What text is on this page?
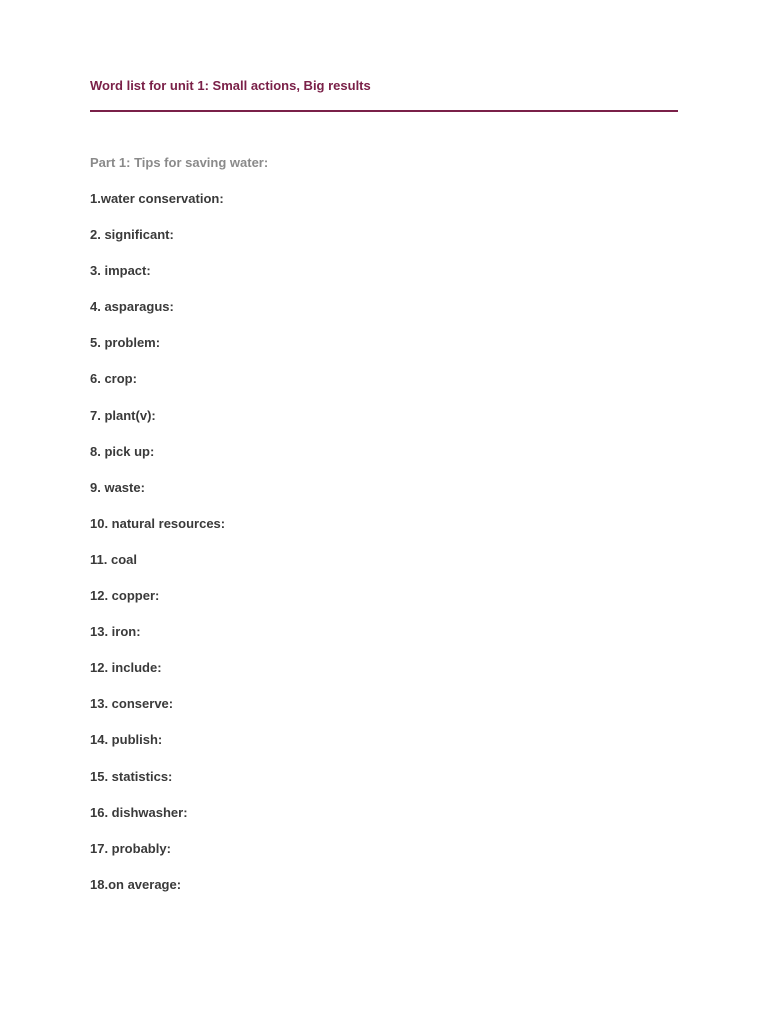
Word list for unit 1: Small actions, Big results
Part 1: Tips for saving water:
1.water conservation:
2. significant:
3. impact:
4. asparagus:
5. problem:
6. crop:
7. plant(v):
8. pick up:
9. waste:
10. natural resources:
11. coal
12. copper:
13. iron:
12. include:
13. conserve:
14. publish:
15. statistics:
16. dishwasher:
17. probably:
18.on average:
